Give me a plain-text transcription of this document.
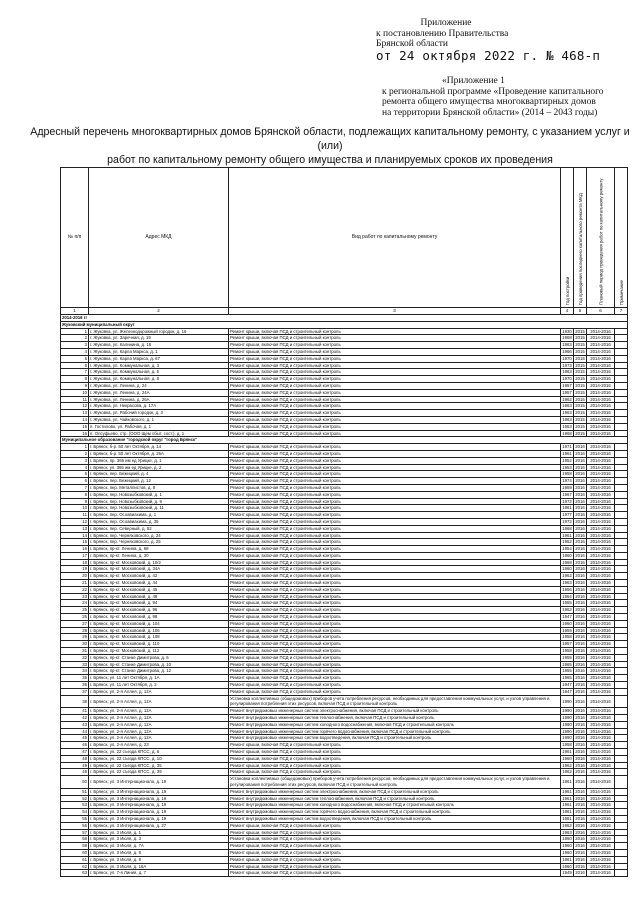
Приложение
к постановлению Правительства
Брянской области
от 24 октября 2022 г. № 468-п
«Приложение 1
к региональной программе «Проведение капитального
ремонта общего имущества многоквартирных домов
на территории Брянской области» (2014 – 2043 годы)
Адресный перечень многоквартирных домов Брянской области, подлежащих капитальному ремонту, с указанием услуг и (или)
работ по капитальному ремонту общего имущества и планируемых сроков их проведения
№ п/п	Адрес МКД	Вид работ по капитальному ремонту	Год постройки	Год проведения последнего капитального ремонта МКД	Плановый период проведения работ по капитальному ремонту	Примечание
1	2	3	4	5	6	7
2014-2016 гг						
Жуковский муниципальный округ						
1	г. Жуковка, ул. Железнодорожный городок, д. 16	Ремонт крыши, включая ПСД и строительный контроль	1930	2015	2014-2016	
2	г. Жуковка, ул. Заречная, д. 19	Ремонт крыши, включая ПСД и строительный контроль	1968	2015	2014-2016	
3	г. Жуковка, ул. Калинина, д. 16	Ремонт крыши, включая ПСД и строительный контроль	1963	2015	2014-2016	
4	г. Жуковка, ул. Карла Маркса, д. 1	Ремонт крыши, включая ПСД и строительный контроль	1966	2015	2014-2016	
5	г. Жуковка, ул. Карла Маркса, д. 67	Ремонт крыши, включая ПСД и строительный контроль	1970	2015	2014-2016	
6	г. Жуковка, ул. Коммунальная, д. 3	Ремонт крыши, включая ПСД и строительный контроль	1973	2015	2014-2016	
7	г. Жуковка, ул. Коммунальная, д. 5	Ремонт крыши, включая ПСД и строительный контроль	1963	2015	2014-2016	
8	г. Жуковка, ул. Коммунальная, д. 8	Ремонт крыши, включая ПСД и строительный контроль	1970	2015	2014-2016	
9	г. Жуковка, ул. Ленина, д. 24	Ремонт крыши, включая ПСД и строительный контроль	1957	2015	2014-2016	
10	г. Жуковка, ул. Ленина, д. 24А	Ремонт крыши, включая ПСД и строительный контроль	1957	2015	2014-2016	
11	г. Жуковка, ул. Ленина, д. 26А	Ремонт крыши, включая ПСД и строительный контроль	1962	2015	2014-2016	
12	г. Жуковка, ул. Некрасова, д. 17А	Ремонт крыши, включая ПСД и строительный контроль	1963	2015	2014-2016	
13	г. Жуковка, ул. Рабочий городок, д. 3	Ремонт крыши, включая ПСД и строительный контроль	1963	2015	2014-2016	
14	г. Жуковка, ул. Чайковского, д. 1	Ремонт крыши, включая ПСД и строительный контроль	1963	2015	2014-2016	
15	п. Гостилово, ул. Рабочая, д. 1	Ремонт крыши, включая ПСД и строительный контроль	1963	2015	2014-2016	
16	п. Олсуфьево, стр. (ООО Щем сбыт. сост.), д. 1	Ремонт крыши, включая ПСД и строительный контроль	1968	2015	2014-2016	
Муниципальное образование "городской округ "город Брянск"						
1	г. Брянск, б-р. 50 лет Октября, д. 14	Ремонт крыши, включая ПСД и строительный контроль	1971	2016	2014-2016	
2	г. Брянск, б-р. 50 лет Октября, д. 26А	Ремонт крыши, включая ПСД и строительный контроль	1961	2016	2014-2016	
3	г. Брянск, пр. 365 им ед Урицке, д. 1	Ремонт крыши, включая ПСД и строительный контроль	1952	2016	2014-2016	
4	г. Брянск, ул. 365 им ед Урицке, д. 2	Ремонт крыши, включая ПСД и строительный контроль	1953	2016	2014-2016	
5	г. Брянск, пер. Бежицкий, д. 4	Ремонт крыши, включая ПСД и строительный контроль	1958	2016	2014-2016	
6	г. Брянск, пер. Бежицкий, д. 12	Ремонт крыши, включая ПСД и строительный контроль	1974	2016	2014-2016	
7	г. Брянск, пер. Металлистов, д. 8	Ремонт крыши, включая ПСД и строительный контроль	1959	2016	2014-2016	
8	г. Брянск, пер. Новозыбковский, д. 1	Ремонт крыши, включая ПСД и строительный контроль	1967	2016	2014-2016	
9	г. Брянск, пер. Новозыбковский, д. 9	Ремонт крыши, включая ПСД и строительный контроль	1972	2016	2014-2016	
10	г. Брянск, пер. Новозыбковский, д. 11	Ремонт крыши, включая ПСД и строительный контроль	1961	2016	2014-2016	
11	г. Брянск, пер. Осоавиахима, д. 1	Ремонт крыши, включая ПСД и строительный контроль	1977	2016	2014-2016	
12	г. Брянск, пер. Осоавиахима, д. 35	Ремонт крыши, включая ПСД и строительный контроль	1972	2016	2014-2016	
13	г. Брянск, пер. Северный, д. 52	Ремонт крыши, включая ПСД и строительный контроль	1968	2016	2014-2016	
14	г. Брянск, пер. Черняховского, д. 24	Ремонт крыши, включая ПСД и строительный контроль	1961	2016	2014-2016	
15	г. Брянск, пер. Черняховского, д. 25	Ремонт крыши, включая ПСД и строительный контроль	1952	2016	2014-2016	
16	г. Брянск, пр-кт. Ленина, д. 68	Ремонт крыши, включая ПСД и строительный контроль	1954	2016	2014-2016	
17	г. Брянск, пр-кт. Ленина, д. 30	Ремонт крыши, включая ПСД и строительный контроль	1960	2016	2014-2016	
18	г. Брянск, пр-кт. Московский, д. 10/2	Ремонт крыши, включая ПСД и строительный контроль	1968	2016	2014-2016	
19	г. Брянск, пр-кт. Московский, д. 34А	Ремонт крыши, включая ПСД и строительный контроль	1960	2016	2014-2016	
20	г. Брянск, пр-кт. Московский, д. 42	Ремонт крыши, включая ПСД и строительный контроль	1962	2016	2014-2016	
21	г. Брянск, пр-кт. Московский, д. 44	Ремонт крыши, включая ПСД и строительный контроль	1963	2016	2014-2016	
22	г. Брянск, пр-кт. Московский, д. 45	Ремонт крыши, включая ПСД и строительный контроль	1956	2016	2014-2016	
23	г. Брянск, пр-кт. Московский, д. 48	Ремонт крыши, включая ПСД и строительный контроль	1964	2016	2014-2016	
24	г. Брянск, пр-кт. Московский, д. 94	Ремонт крыши, включая ПСД и строительный контроль	1965	2016	2014-2016	
25	г. Брянск, пр-кт. Московский, д. 96	Ремонт крыши, включая ПСД и строительный контроль	1962	2016	2014-2016	
26	г. Брянск, пр-кт. Московский, д. 98	Ремонт крыши, включая ПСД и строительный контроль	1947	2016	2014-2016	
27	г. Брянск, пр-кт. Московский, д. 104	Ремонт крыши, включая ПСД и строительный контроль	1960	2016	2014-2016	
28	г. Брянск, пр-кт. Московский, д. 106	Ремонт крыши, включая ПСД и строительный контроль	1959	2016	2014-2016	
29	г. Брянск, пр-кт. Московский, д. 108	Ремонт крыши, включая ПСД и строительный контроль	1958	2016	2014-2016	
30	г. Брянск, пр-кт. Московский, д. 110	Ремонт крыши, включая ПСД и строительный контроль	1957	2016	2014-2016	
31	г. Брянск, пр-кт. Московский, д. 112	Ремонт крыши, включая ПСД и строительный контроль	1958	2016	2014-2016	
32	г. Брянск, пр-кт. Станке Димитрова, д. 6	Ремонт крыши, включая ПСД и строительный контроль	1955	2016	2014-2016	
33	г. Брянск, пр-кт. Станке Димитрова, д. 10	Ремонт крыши, включая ПСД и строительный контроль	1965	2016	2014-2016	
34	г. Брянск, пр-кт. Станке Димитрова, д. 12	Ремонт крыши, включая ПСД и строительный контроль	1955	2016	2014-2016	
35	г. Брянск, ул. 11 лет Октября, д. 1А	Ремонт крыши, включая ПСД и строительный контроль	1965	2016	2014-2016	
36	г. Брянск, ул. 11 лет Октября, д. 2	Ремонт крыши, включая ПСД и строительный контроль	1947	2016	2014-2016	
37	г. Брянск, ул. 2-я Аллея, д. 12А	Ремонт крыши, включая ПСД и строительный контроль	1947	2016	2014-2016	
38	г. Брянск, ул. 2-я Аллея, д. 12А	Установка коллективных (общедомовых) приборов учета потребления ресурсов, необходимых для предоставления коммунальных услуг, и узлов управления и регулирования потребления этих ресурсов, включая ПСД и строительный контроль	1990	2016	2014-2016	
41	г. Брянск, ул. 2-я Аллея, д. 12А	Ремонт внутридомовых инженерных систем электроснабжения, включая ПСД и строительный контроль	1990	2016	2014-2016	
42	г. Брянск, ул. 2-я Аллея, д. 12А	Ремонт внутридомовых инженерных систем теплоснабжения, включая ПСД и строительный контроль	1990	2016	2014-2016	
43	г. Брянск, ул. 2-я Аллея, д. 12А	Ремонт внутридомовых инженерных систем холодного водоснабжения, включая ПСД и строительный контроль	1990	2016	2014-2016	
44	г. Брянск, ул. 2-я Аллея, д. 12А	Ремонт внутридомовых инженерных систем горячего водоснабжения, включая ПСД и строительный контроль	1990	2016	2014-2016	
45	г. Брянск, ул. 2-я Аллея, д. 12А	Ремонт внутридомовых инженерных систем водоотведения, включая ПСД и строительный контроль	1990	2016	2014-2016	
46	г. Брянск, ул. 2-я Аллея, д. 23	Ремонт крыши, включая ПСД и строительный контроль	1958	2016	2014-2016	
47	г. Брянск, ул. 22 съезда КПСС, д. 6	Ремонт крыши, включая ПСД и строительный контроль	1961	2016	2014-2016	
48	г. Брянск, ул. 22 съезда КПСС, д. 10	Ремонт крыши, включая ПСД и строительный контроль	1960	2016	2014-2016	
49	г. Брянск, ул. 22 съезда КПСС, д. 35	Ремонт крыши, включая ПСД и строительный контроль	1962	2016	2014-2016	
49	г. Брянск, ул. 22 съезда КПСС, д. 39	Ремонт крыши, включая ПСД и строительный контроль	1962	2016	2014-2016	
50	г. Брянск, ул. 3 Интернационала, д. 19	Установка коллективных (общедомовых) приборов учета потребления ресурсов, необходимых для предоставления коммунальных услуг, и узлов управления и регулирования потребления этих ресурсов, включая ПСД и строительный контроль	1961	2016	2014-2016	
51	г. Брянск, ул. 3 Интернационала, д. 19	Ремонт внутридомовых инженерных систем электроснабжения, включая ПСД и строительный контроль	1961	2016	2014-2016	
52	г. Брянск, ул. 3 Интернационала, д. 19	Ремонт внутридомовых инженерных систем теплоснабжения, включая ПСД и строительный контроль	1961	2016	2014-2016	
53	г. Брянск, ул. 3 Интернационала, д. 19	Ремонт внутридомовых инженерных систем холодного водоснабжения, включая ПСД и строительный контроль	1961	2016	2014-2016	
54	г. Брянск, ул. 3 Интернационала, д. 19	Ремонт внутридомовых инженерных систем горячего водоснабжения, включая ПСД и строительный контроль	1961	2016	2014-2016	
55	г. Брянск, ул. 3 Интернационала, д. 19	Ремонт внутридомовых инженерных систем водоотведения, включая ПСД и строительный контроль	1961	2016	2014-2016	
56	г. Брянск, ул. 3 Интернационала, д. 27	Ремонт крыши, включая ПСД и строительный контроль	1962	2016	2014-2016	
57	г. Брянск, ул. 3 Июля, д. 1	Ремонт крыши, включая ПСД и строительный контроль	1963	2016	2014-2016	
58	г. Брянск, ул. 3 Июля, д. 3	Ремонт крыши, включая ПСД и строительный контроль	1960	2016	2014-2016	
59	г. Брянск, ул. 3 Июля, д. 7А	Ремонт крыши, включая ПСД и строительный контроль	1960	2016	2014-2016	
60	г. Брянск, ул. 3 Июля, д. 8	Ремонт крыши, включая ПСД и строительный контроль	1960	2016	2014-2016	
61	г. Брянск, ул. 3 Июля, д. 9	Ремонт крыши, включая ПСД и строительный контроль	1961	2016	2014-2016	
62	г. Брянск, ул. 3 Июля, д. 16А	Ремонт крыши, включая ПСД и строительный контроль	1960	2016	2014-2016	
63	г. Брянск, ул. 7-я Линия, д. 7	Ремонт крыши, включая ПСД и строительный контроль	1949	2016	2014-2016	
